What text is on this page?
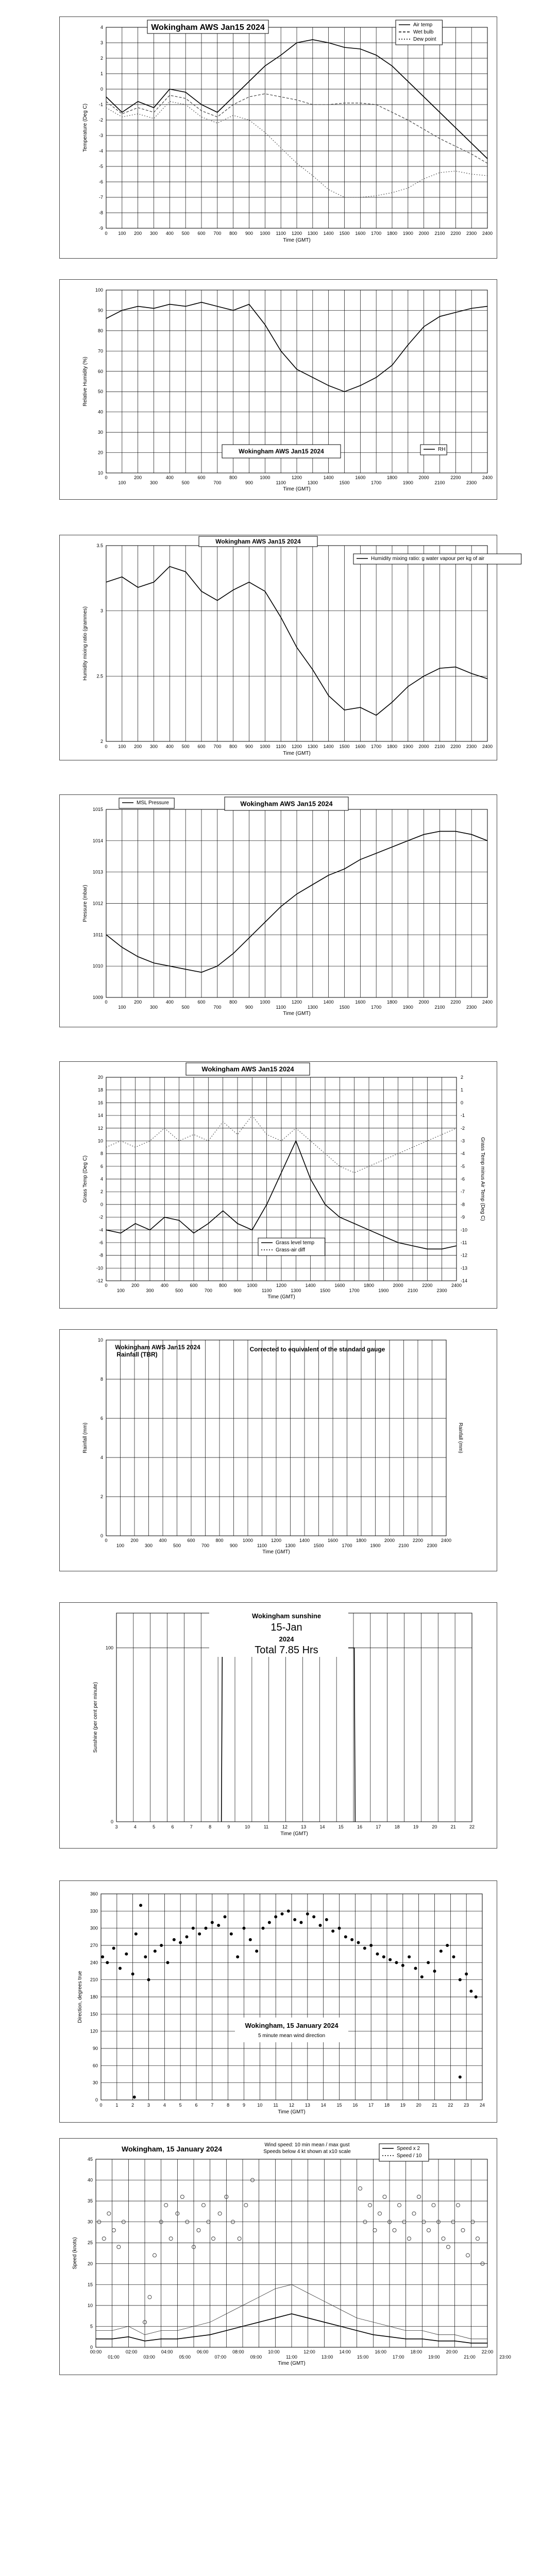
-9
-8
-7
-6
-5
-4
-3
-2
-1
0
1
2
3
4
0 100 200 300 400 500 600 700 800 900 1000 1100 1200 1300 1400 1500 1600 1700 1800 1900 2000 2100 2200 2300 2400
Time (GMT)
Temperature (Deg C)
Wokingham AWS Jan15 2024	Air temp
Wet bulb
Dew point
10
20
30
40
50
60
70
80
90
100
0	200	400	600	800	1000	1200	1400	1600	1800	2000	2200	2400
100	300	500	700	900	1100	1300	1500	1700	1900	2100	2300
Time (GMT)
Relative Humidity (%)
Wokingham AWS Jan15 2024	RH
2
2.5
3
3.5
0 100 200 300 400 500 600 700 800 900 1000 1100 1200 1300 1400 1500 1600 1700 1800 1900 2000 2100 2200 2300 2400
Time (GMT)
Humidity mixing ratio (grammes)
Wokingham AWS Jan15 2024
Humidity mixing ratio: g water vapour per kg of air
1009
1010
1011
1012
1013
1014
1015
0	200	400	600	800	1000	1200	1400	1600	1800	2000	2200	2400
100	300	500	700	900	1100	1300	1500	1700	1900	2100	2300
Time (GMT)
Pressure (mbar)
Wokingham AWS Jan15 2024
MSL Pressure
-12
-10
-8
-6
-4
-2
0
2
4
6
8
10
12
14
16
18
20
0	200	400	600	800	1000	1200	1400	1600	1800	2000	2200	2400
100	300	500	700	900	1100	1300	1500	1700	1900	2100	2300
Time (GMT)
Grass Temp (Deg C)
Wokingham AWS Jan15 2024
Grass level temp
Grass-air diff
-14
-13
-12
-11
-10
-9
-8
-7
-6
-5
-4
-3
-2
-1
0
1
2
Grass Temp minus Air Temp (Deg C)
0
2
4
6
8
10
0	200	400	600	800	1000	1200	1400	1600	1800	2000	2200	2400
100	300	500	700	900	1100	1300	1500	1700	1900	2100	2300
Time (GMT)
Rainfall (mm)
Wokingham AWS Jan15 2024
Rainfall (TBR)
Corrected to equivalent of the standard gauge
Rainfall (mm)
0
100
3	4	5	6	7	8	9	10	11	12	13	14	15	16	17	18	19	20	21	22
Time (GMT)
Sunshine (per cent per minute)
Wokingham sunshine
15-Jan
2024
Total 7.85 Hrs
0
30
60
90
120
150
180
210
240
270
300
330
360
0	1	2	3	4	5	6	7	8	9	10 11 12 13 14 15 16 17 18 19 20 21 22 23 24
Time (GMT)
Direction, degrees true
Wokingham, 15 January 2024
5 minute mean wind direction
0
5
10
15
20
25
30
35
40
45
00:00	02:00	04:00	06:00	08:00	10:00	12:00	14:00	16:00	18:00	20:00	22:00
01:00	03:00	05:00	07:00	09:00	11:00	13:00	15:00	17:00	19:00	21:00	23:00
Time (GMT)
Speed (knots)
Wokingham, 15 January 2024	Wind speed: 10 min mean / max gust
Speeds below 4 kt shown at x10 scale
Speed x 2
Speed / 10
